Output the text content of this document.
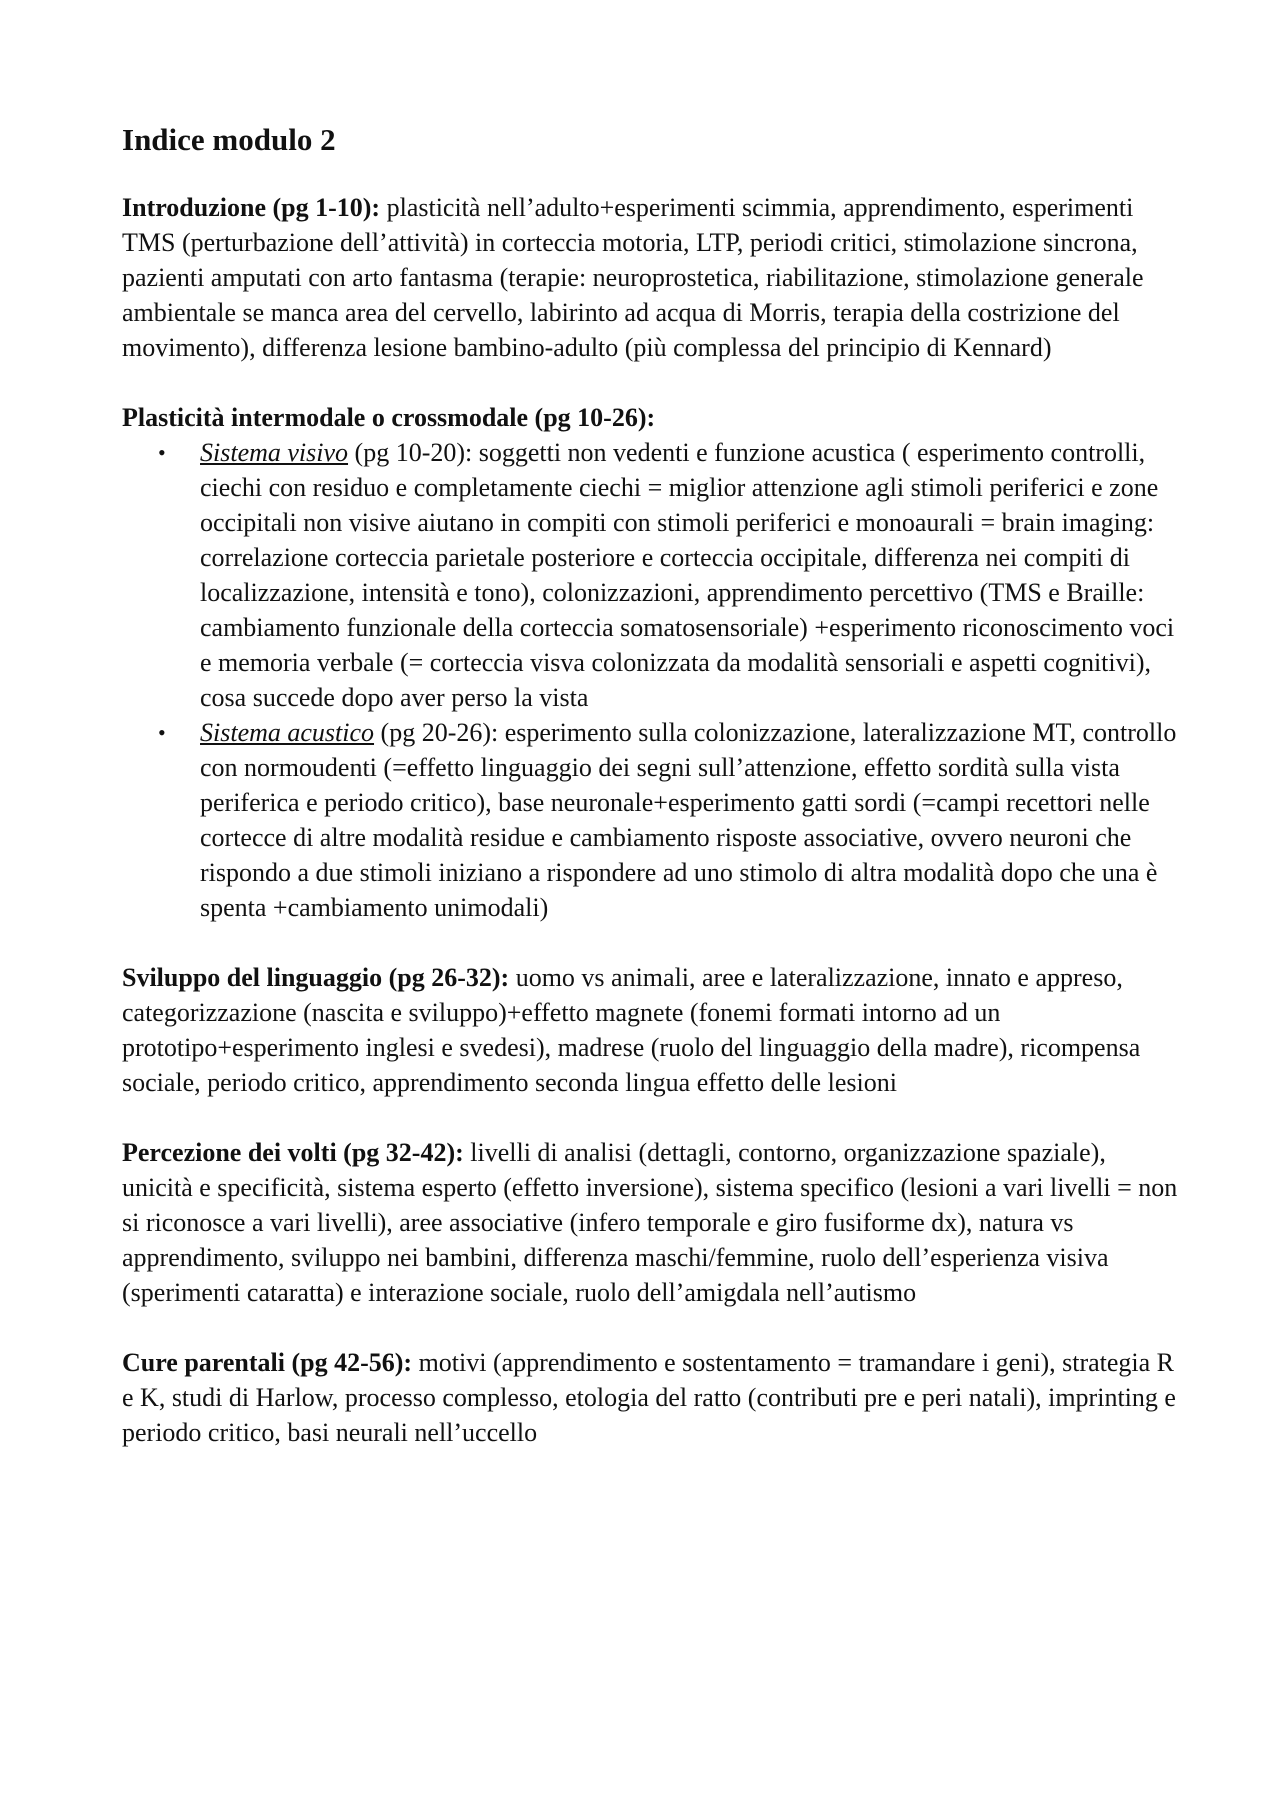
Indice modulo 2

Introduzione (pg 1-10): plasticità nell’adulto+esperimenti scimmia, apprendimento, esperimenti TMS (perturbazione dell’attività) in corteccia motoria, LTP, periodi critici, stimolazione sincrona, pazienti amputati con arto fantasma (terapie: neuroprostetica, riabilitazione, stimolazione generale ambientale se manca area del cervello, labirinto ad acqua di Morris, terapia della costrizione del movimento), differenza lesione bambino-adulto (più complessa del principio di Kennard)

Plasticità intermodale o crossmodale (pg 10-26):

• Sistema visivo (pg 10-20): soggetti non vedenti e funzione acustica ( esperimento controlli, ciechi con residuo e completamente ciechi = miglior attenzione agli stimoli periferici e zone occipitali non visive aiutano in compiti con stimoli periferici e monoaurali = brain imaging: correlazione corteccia parietale posteriore e corteccia occipitale, differenza nei compiti di localizzazione, intensità e tono), colonizzazioni, apprendimento percettivo (TMS e Braille: cambiamento funzionale della corteccia somatosensoriale) +esperimento riconoscimento voci e memoria verbale (= corteccia visva colonizzata da modalità sensoriali e aspetti cognitivi), cosa succede dopo aver perso la vista
• Sistema acustico (pg 20-26): esperimento sulla colonizzazione, lateralizzazione MT, controllo con normoudenti (=effetto linguaggio dei segni sull’attenzione, effetto sordità sulla vista periferica e periodo critico), base neuronale+esperimento gatti sordi (=campi recettori nelle cortecce di altre modalità residue e cambiamento risposte associative, ovvero neuroni che rispondo a due stimoli iniziano a rispondere ad uno stimolo di altra modalità dopo che una è spenta +cambiamento unimodali)

Sviluppo del linguaggio (pg 26-32): uomo vs animali, aree e lateralizzazione, innato e appreso, categorizzazione (nascita e sviluppo)+effetto magnete (fonemi formati intorno ad un prototipo+esperimento inglesi e svedesi), madrese (ruolo del linguaggio della madre), ricompensa sociale, periodo critico, apprendimento seconda lingua effetto delle lesioni

Percezione dei volti (pg 32-42): livelli di analisi (dettagli, contorno, organizzazione spaziale), unicità e specificità, sistema esperto (effetto inversione), sistema specifico (lesioni a vari livelli = non si riconosce a vari livelli), aree associative (infero temporale e giro fusiforme dx), natura vs apprendimento, sviluppo nei bambini, differenza maschi/femmine, ruolo dell’esperienza visiva (sperimenti cataratta) e interazione sociale, ruolo dell’amigdala nell’autismo

Cure parentali (pg 42-56): motivi (apprendimento e sostentamento = tramandare i geni), strategia R e K, studi di Harlow, processo complesso, etologia del ratto (contributi pre e peri natali), imprinting e periodo critico, basi neurali nell’uccello
